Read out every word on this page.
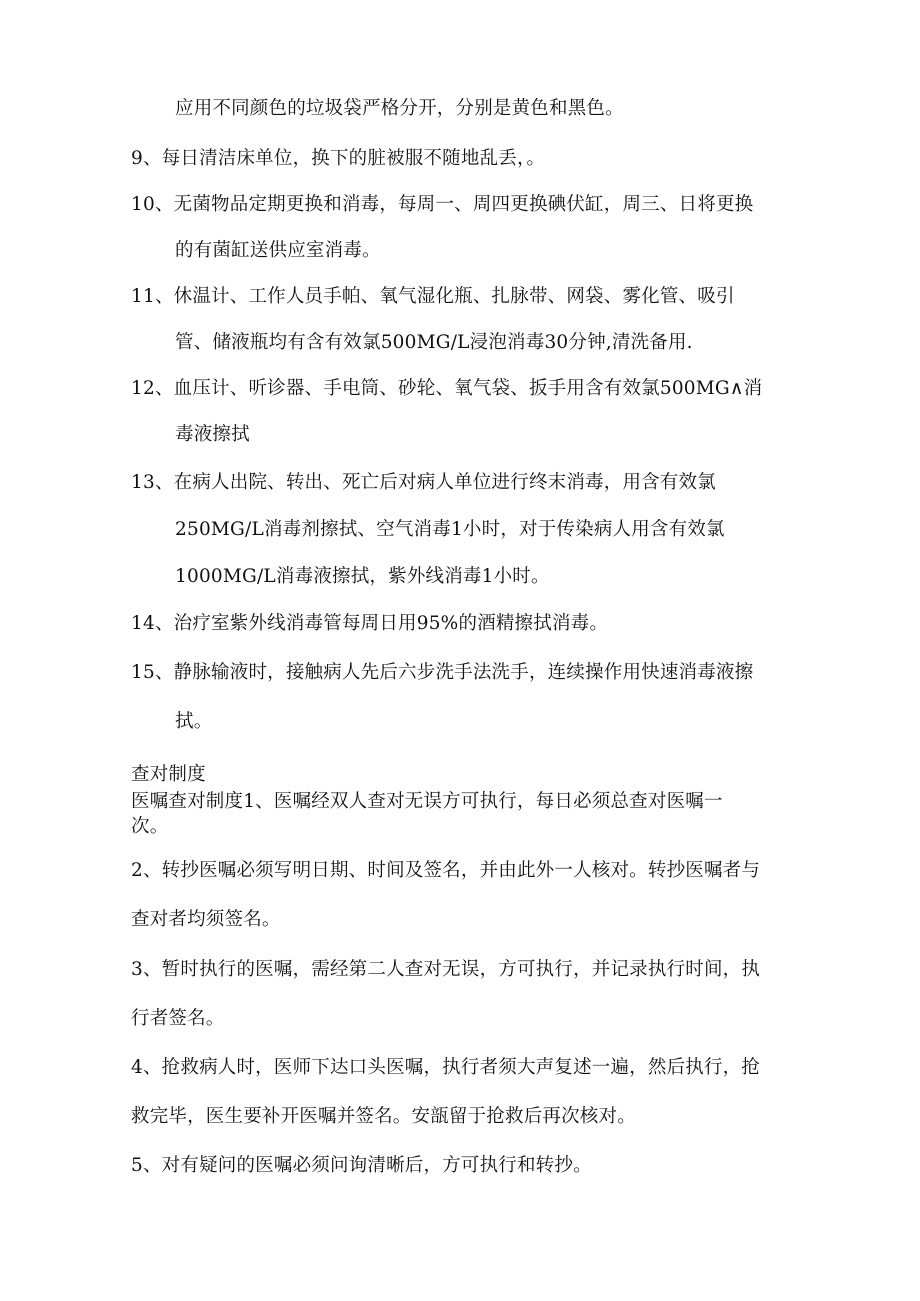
应用不同颜色的垃圾袋严格分开，分别是黄色和黑色。
9、每日清洁床单位，换下的脏被服不随地乱丢，。
10、无菌物品定期更换和消毒，每周一、周四更换碘伏缸，周三、日将更换
的有菌缸送供应室消毒。
11、休温计、工作人员手帕、氧气湿化瓶、扎脉带、网袋、雾化管、吸引
管、储液瓶均有含有效氯500MG/L浸泡消毒30分钟,清洗备用.
12、血压计、听诊器、手电筒、砂轮、氧气袋、扳手用含有效氯500MG∧消
毒液擦拭
13、在病人出院、转出、死亡后对病人单位进行终末消毒，用含有效氯
250MG/L消毒剂擦拭、空气消毒1小时，对于传染病人用含有效氯
1000MG/L消毒液擦拭，紫外线消毒1小时。
14、治疗室紫外线消毒管每周日用95%的酒精擦拭消毒。
15、静脉输液时，接触病人先后六步洗手法洗手，连续操作用快速消毒液擦
拭。
查对制度
医嘱查对制度1、医嘱经双人查对无误方可执行，每日必须总查对医嘱一
次。
2、转抄医嘱必须写明日期、时间及签名，并由此外一人核对。转抄医嘱者与
查对者均须签名。
3、暂时执行的医嘱，需经第二人查对无误，方可执行，并记录执行时间，执
行者签名。
4、抢救病人时，医师下达口头医嘱，执行者须大声复述一遍，然后执行，抢
救完毕，医生要补开医嘱并签名。安瓿留于抢救后再次核对。
5、对有疑问的医嘱必须问询清晰后，方可执行和转抄。
